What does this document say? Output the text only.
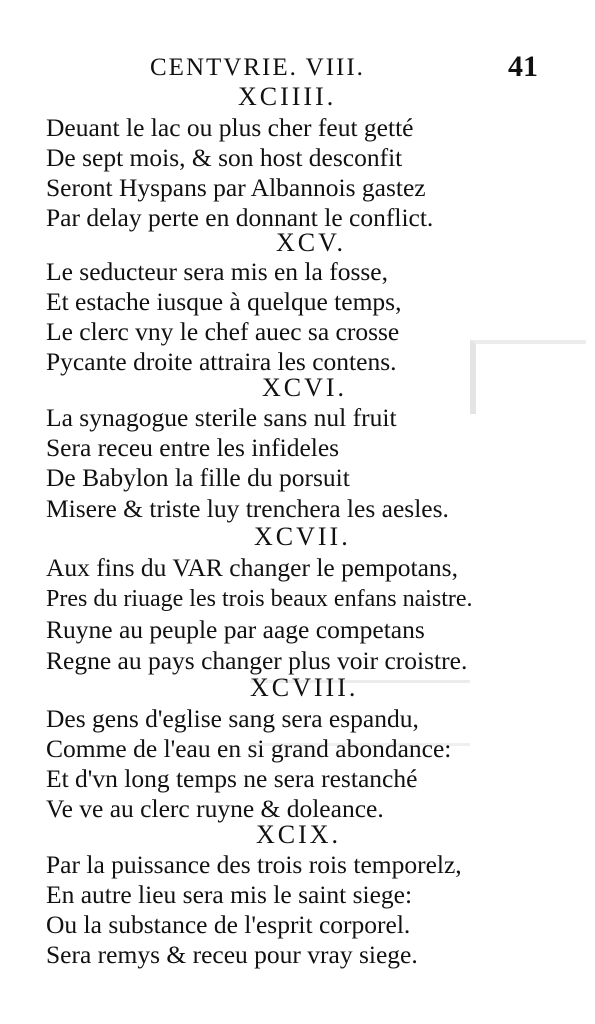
CENTVRIE. VIII.	41
XCIIII.
Deuant le lac ou plus cher feut getté
De sept mois, & son host desconfit
Seront Hyspans par Albannois gastez
Par delay perte en donnant le conflict.
XCV.
Le seducteur sera mis en la fosse,
Et estache iusque à quelque temps,
Le clerc vny le chef auec sa crosse
Pycante droite attraira les contens.
XCVI.
La synagogue sterile sans nul fruit
Sera receu entre les infideles
De Babylon la fille du porsuit
Misere & triste luy trenchera les aesles.
XCVII.
Aux fins du VAR changer le pempotans,
Pres du riuage les trois beaux enfans naistre.
Ruyne au peuple par aage competans
Regne au pays changer plus voir croistre.
XCVIII.
Des gens d'eglise sang sera espandu,
Comme de l'eau en si grand abondance:
Et d'vn long temps ne sera restanché
Ve ve au clerc ruyne & doleance.
XCIX.
Par la puissance des trois rois temporelz,
En autre lieu sera mis le saint siege:
Ou la substance de l'esprit corporel.
Sera remys & receu pour vray siege.
